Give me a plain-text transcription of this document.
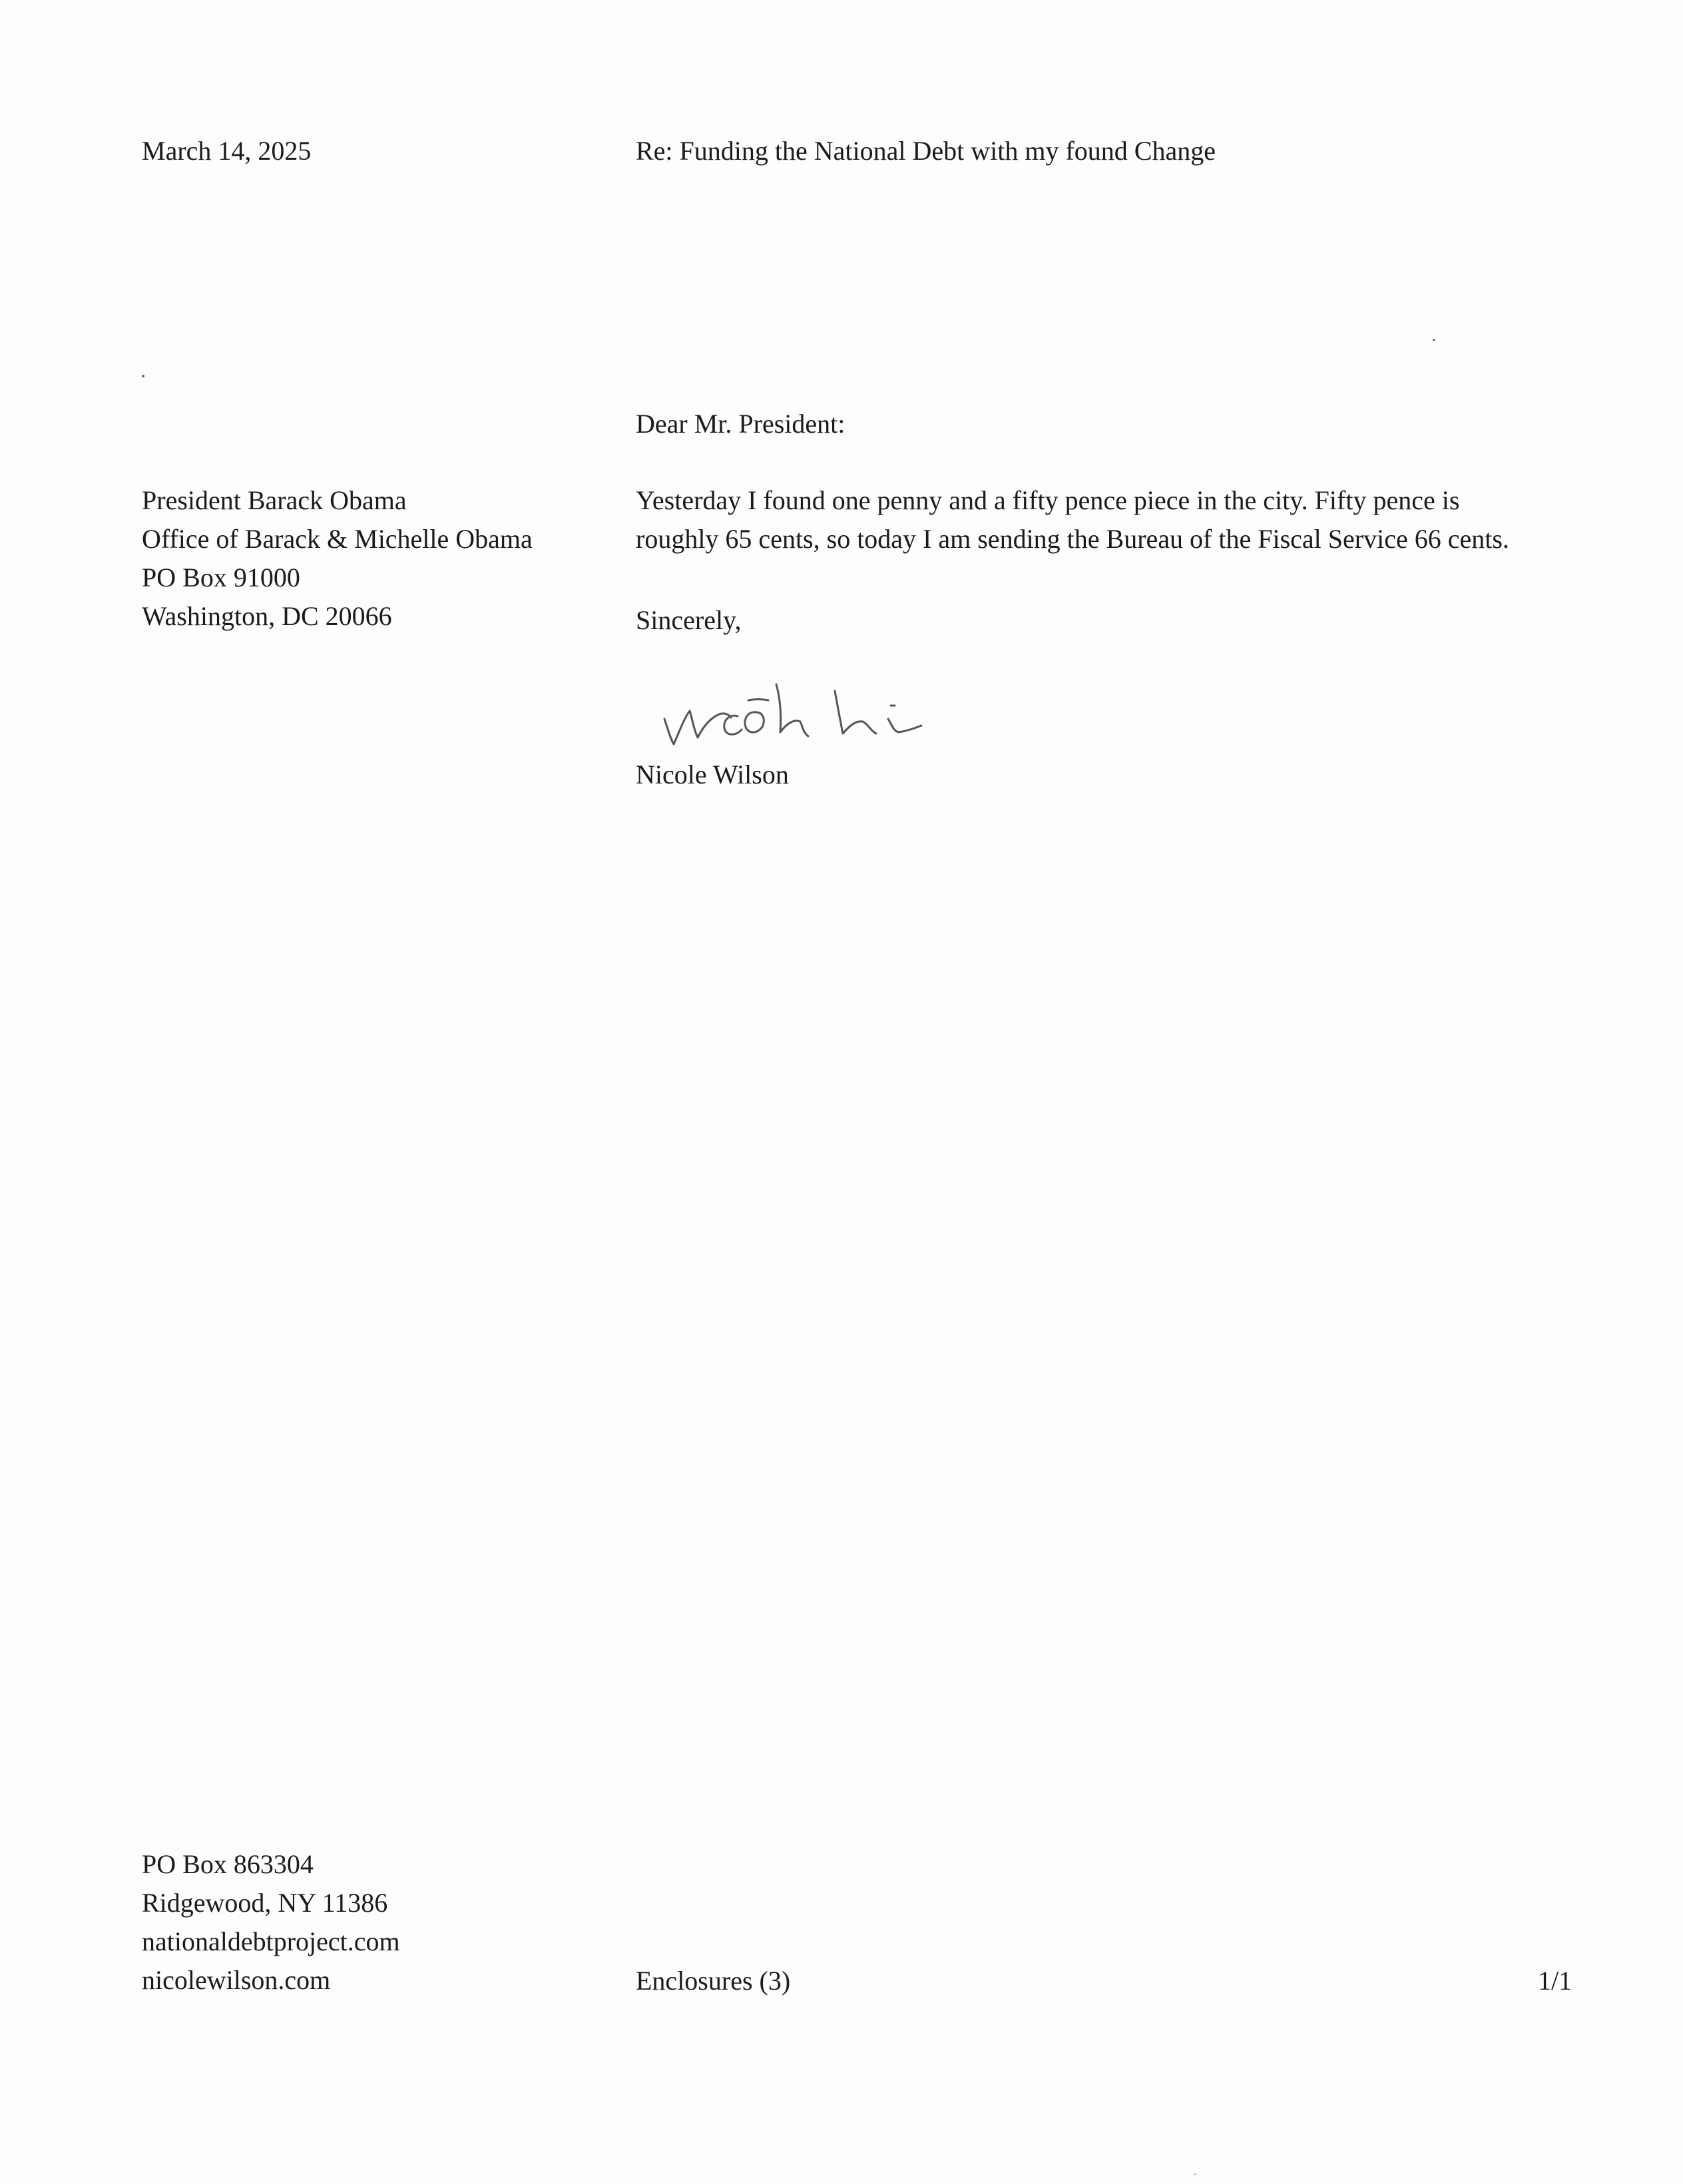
March 14, 2025	Re: Funding the National Debt with my found Change
Dear Mr. President:
President Barack Obama
Office of Barack & Michelle Obama
PO Box 91000
Washington, DC 20066
Yesterday I found one penny and a fifty pence piece in the city. Fifty pence is
roughly 65 cents, so today I am sending the Bureau of the Fiscal Service 66 cents.
Sincerely,
Nicole Wilson
PO Box 863304
Ridgewood, NY 11386
nationaldebtproject.com
nicolewilson.com	Enclosures (3)	1/1
